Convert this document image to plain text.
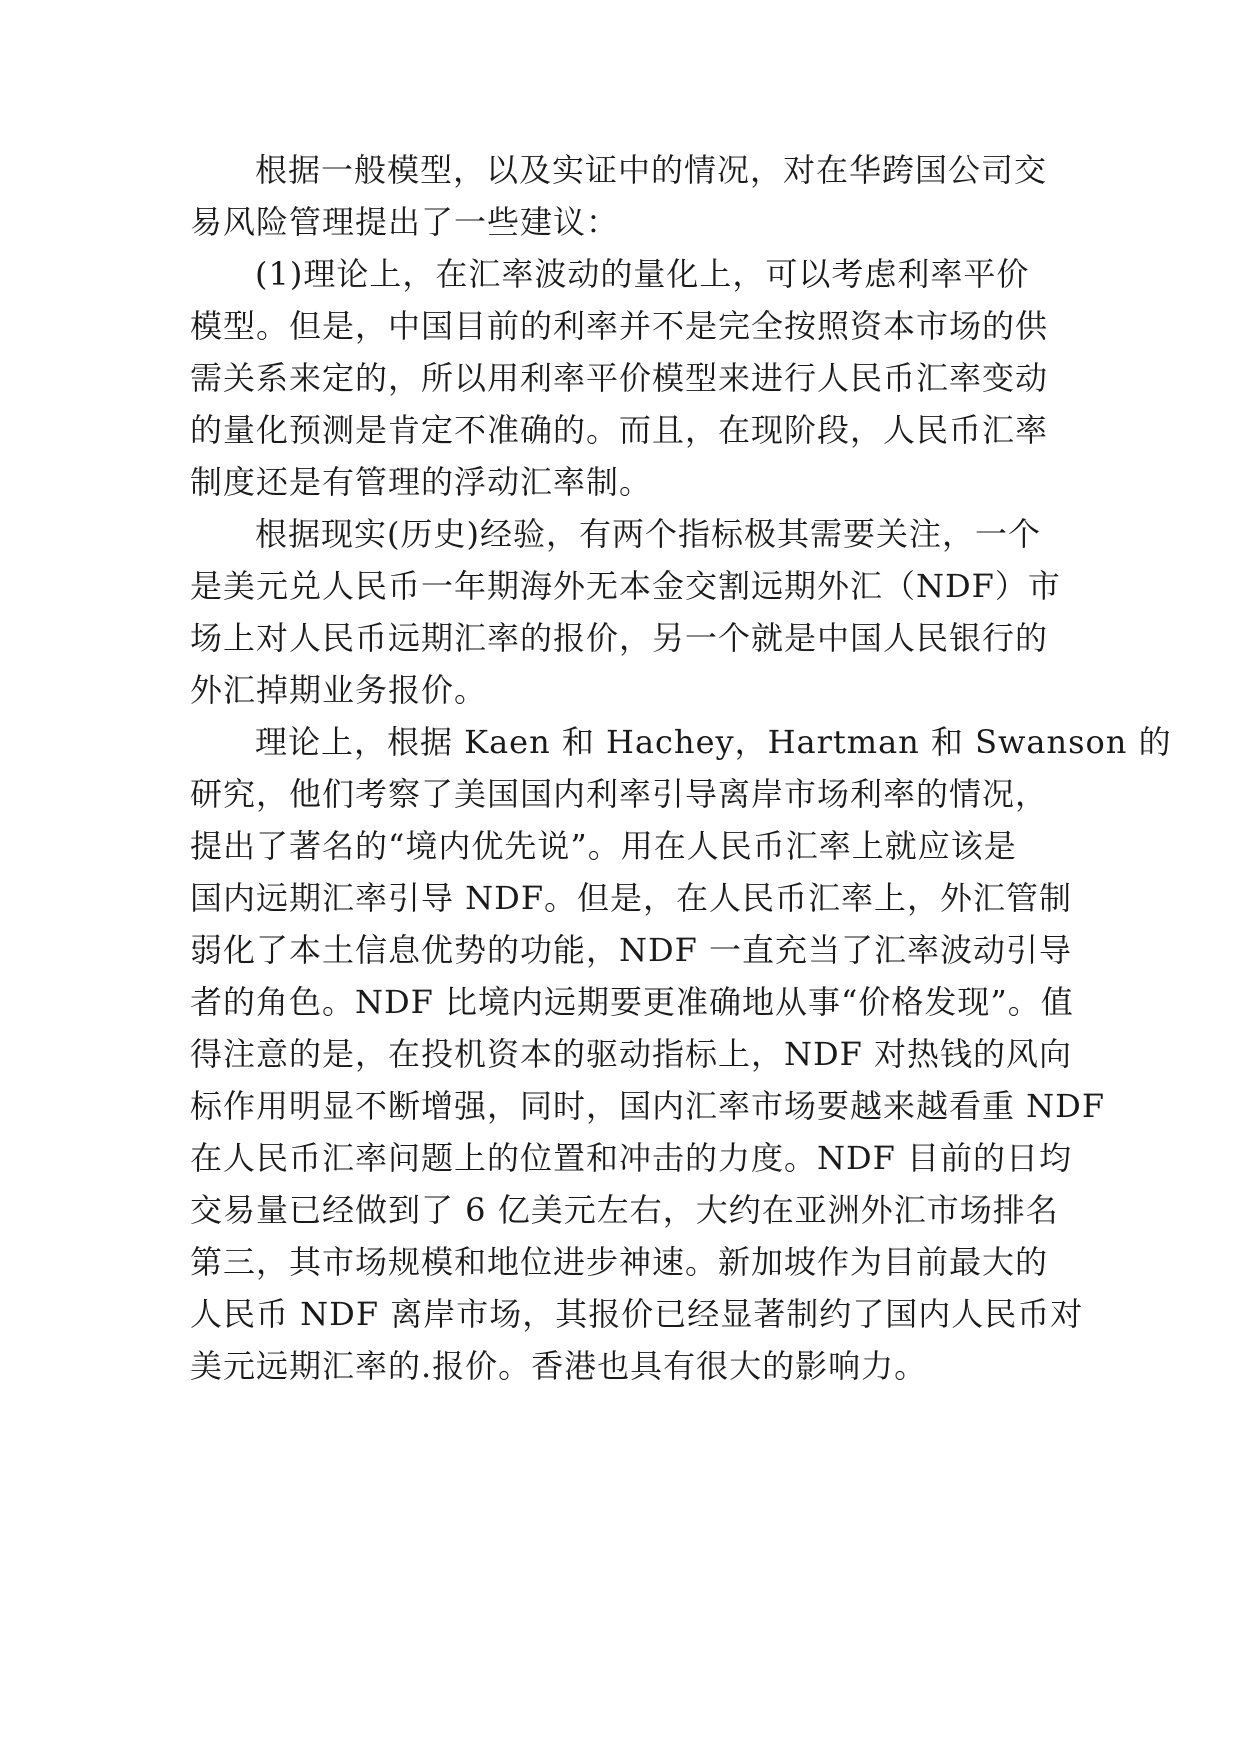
根据一般模型，以及实证中的情况，对在华跨国公司交
易风险管理提出了一些建议：
(1)理论上，在汇率波动的量化上，可以考虑利率平价
模型。但是，中国目前的利率并不是完全按照资本市场的供
需关系来定的，所以用利率平价模型来进行人民币汇率变动
的量化预测是肯定不准确的。而且，在现阶段，人民币汇率
制度还是有管理的浮动汇率制。
根据现实(历史)经验，有两个指标极其需要关注，一个
是美元兑人民币一年期海外无本金交割远期外汇（NDF）市
场上对人民币远期汇率的报价，另一个就是中国人民银行的
外汇掉期业务报价。
理论上，根据 Kaen 和 Hachey，Hartman 和 Swanson 的
研究，他们考察了美国国内利率引导离岸市场利率的情况，
提出了著名的“境内优先说”。用在人民币汇率上就应该是
国内远期汇率引导 NDF。但是，在人民币汇率上，外汇管制
弱化了本土信息优势的功能，NDF 一直充当了汇率波动引导
者的角色。NDF 比境内远期要更准确地从事“价格发现”。值
得注意的是，在投机资本的驱动指标上，NDF 对热钱的风向
标作用明显不断增强，同时，国内汇率市场要越来越看重 NDF
在人民币汇率问题上的位置和冲击的力度。NDF 目前的日均
交易量已经做到了 6 亿美元左右，大约在亚洲外汇市场排名
第三，其市场规模和地位进步神速。新加坡作为目前最大的
人民币 NDF 离岸市场，其报价已经显著制约了国内人民币对
美元远期汇率的.报价。香港也具有很大的影响力。
